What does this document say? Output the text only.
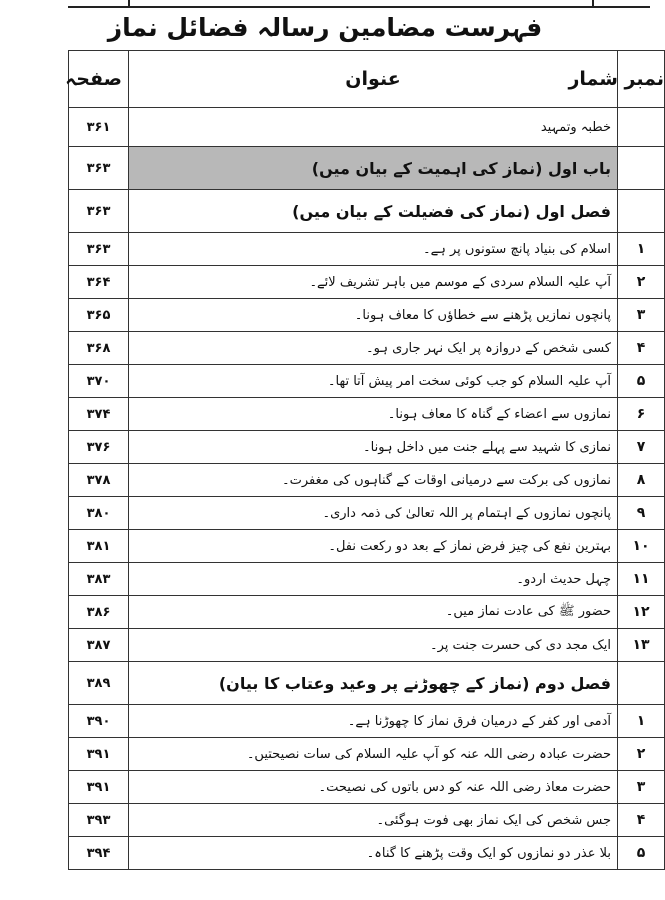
فہرست مضامین رسالہ فضائل نماز
نمبر شمار	عنوان	صفحہ
	خطبہ وتمہید	۳۶۱
	باب اول (نماز کی اہمیت کے بیان میں)	۳۶۳
	فصل اول (نماز کی فضیلت کے بیان میں)	۳۶۳
۱	اسلام کی بنیاد پانچ ستونوں پر ہے۔	۳۶۳
۲	آپ علیہ السلام سردی کے موسم میں باہر تشریف لائے۔	۳۶۴
۳	پانچوں نمازیں پڑھنے سے خطاؤں کا معاف ہونا۔	۳۶۵
۴	کسی شخص کے دروازہ پر ایک نہر جاری ہو۔	۳۶۸
۵	آپ علیہ السلام کو جب کوئی سخت امر پیش آتا تھا۔	۳۷۰
۶	نمازوں سے اعضاء کے گناہ کا معاف ہونا۔	۳۷۴
۷	نمازی کا شہید سے پہلے جنت میں داخل ہونا۔	۳۷۶
۸	نمازوں کی برکت سے درمیانی اوقات کے گناہوں کی مغفرت۔	۳۷۸
۹	پانچوں نمازوں کے اہتمام پر اللہ تعالیٰ کی ذمہ داری۔	۳۸۰
۱۰	بہترین نفع کی چیز فرض نماز کے بعد دو رکعت نفل۔	۳۸۱
۱۱	چہل حدیث اردو۔	۳۸۳
۱۲	حضور ﷺ کی عادت نماز میں۔	۳۸۶
۱۳	ایک مجد دی کی حسرت جنت پر۔	۳۸۷
	فصل دوم (نماز کے چھوڑنے پر وعید وعتاب کا بیان)	۳۸۹
۱	آدمی اور کفر کے درمیان فرق نماز کا چھوڑنا ہے۔	۳۹۰
۲	حضرت عبادہ رضی اللہ عنہ کو آپ علیہ السلام کی سات نصیحتیں۔	۳۹۱
۳	حضرت معاذ رضی اللہ عنہ کو دس باتوں کی نصیحت۔	۳۹۱
۴	جس شخص کی ایک نماز بھی فوت ہوگئی۔	۳۹۳
۵	بلا عذر دو نمازوں کو ایک وقت پڑھنے کا گناہ۔	۳۹۴
